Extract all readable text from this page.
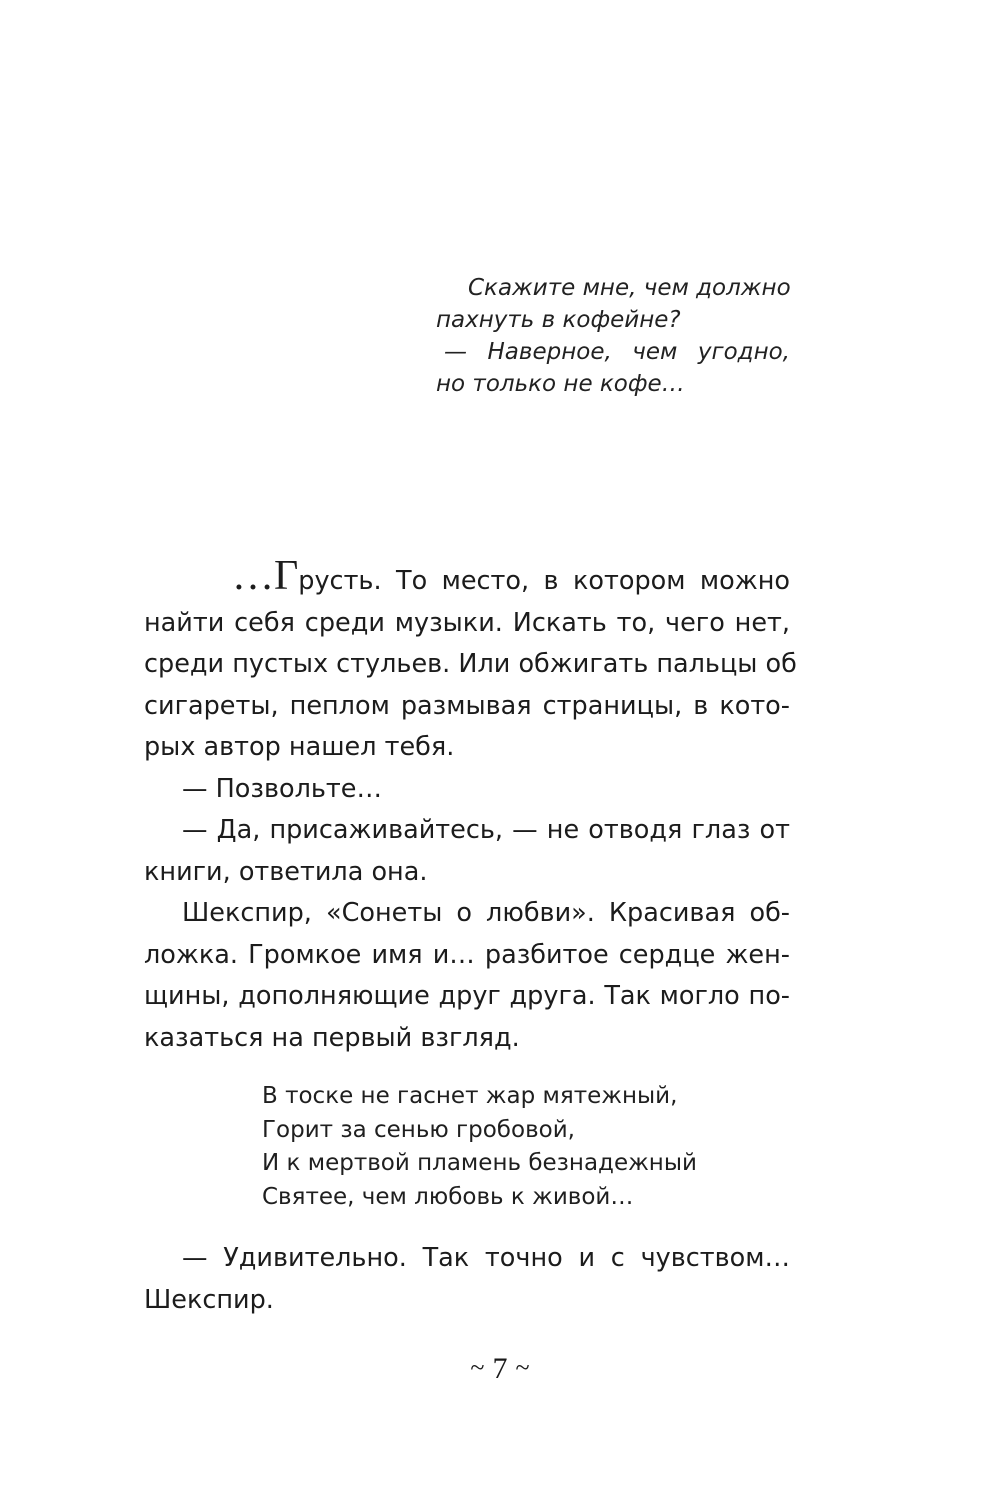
Скажите мне, чем должно
пахнуть в кофейне?
— Наверное, чем угодно,
но только не кофе…
…Грусть. То место, в котором можно
найти себя среди музыки. Искать то, чего нет,
среди пустых стульев. Или обжигать пальцы об
сигареты, пеплом размывая страницы, в кото-
рых автор нашел тебя.
— Позвольте…
— Да, присаживайтесь, — не отводя глаз от
книги, ответила она.
Шекспир, «Сонеты о любви». Красивая об-
ложка. Громкое имя и… разбитое сердце жен-
щины, дополняющие друг друга. Так могло по-
казаться на первый взгляд.
В тоске не гаснет жар мятежный,
Горит за сенью гробовой,
И к мертвой пламень безнадежный
Святее, чем любовь к живой…
— Удивительно. Так точно и с чувством…
Шекспир.
~ 7 ~
